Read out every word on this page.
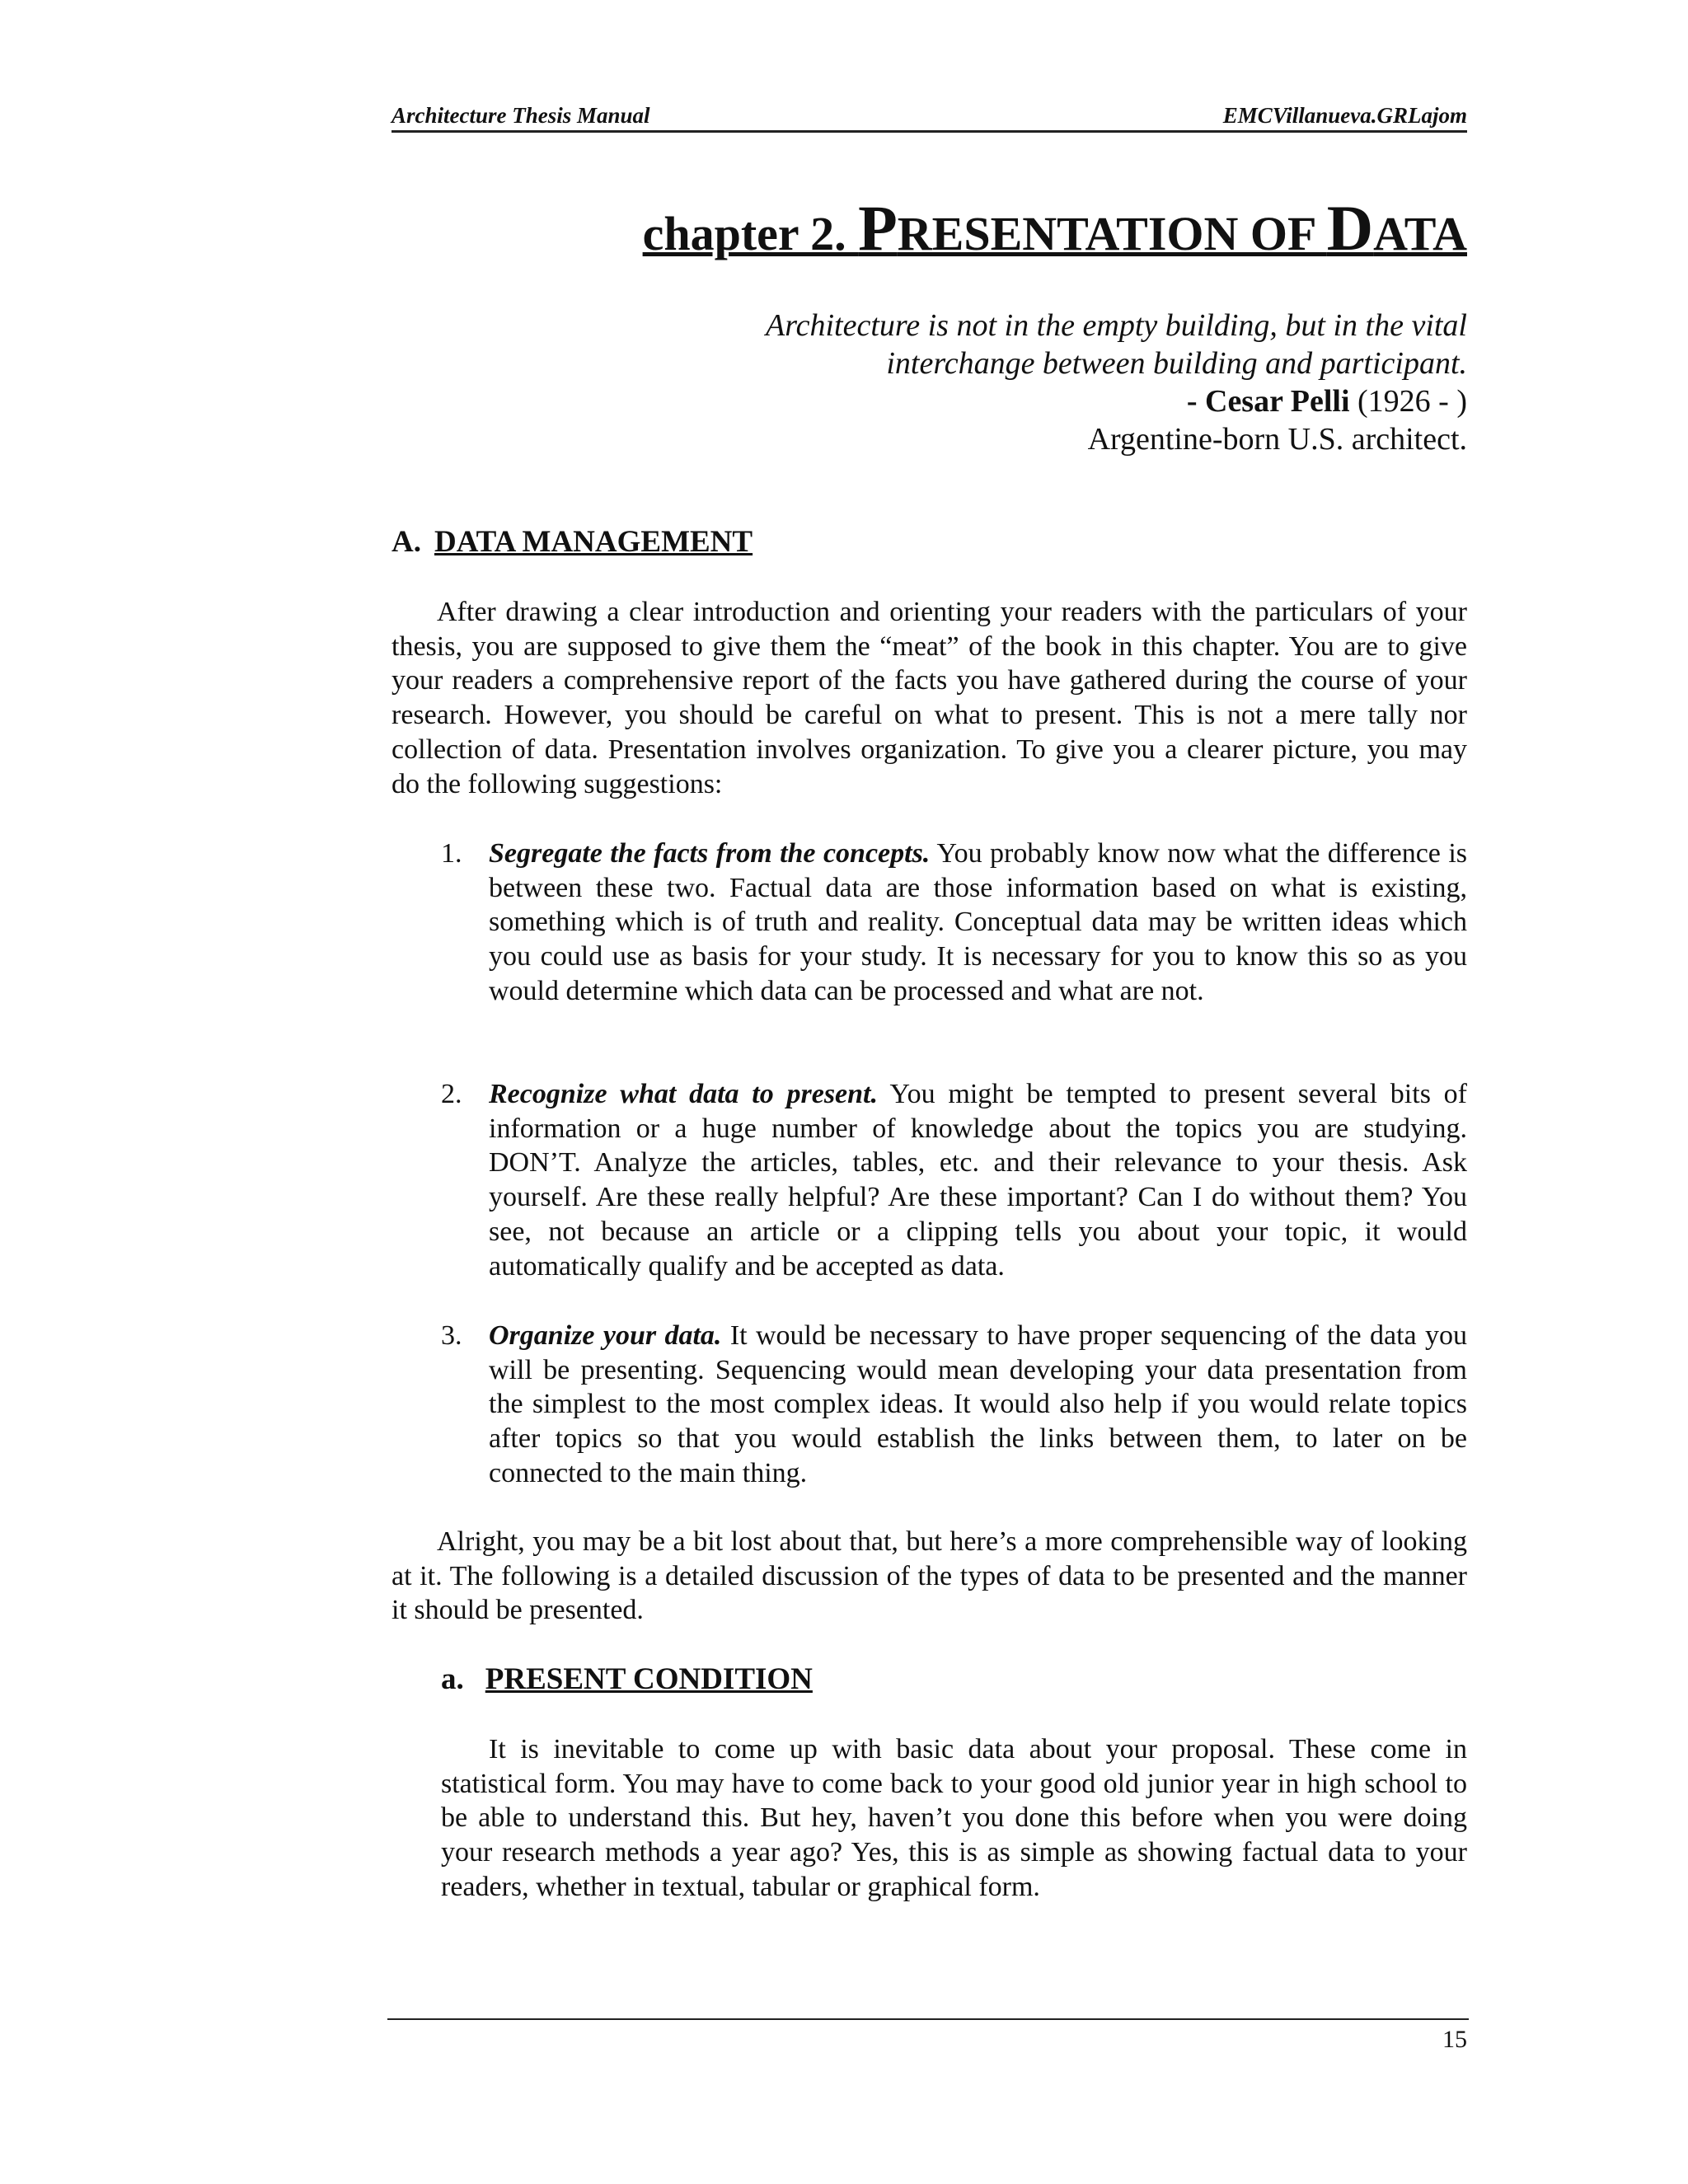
Architecture Thesis Manual	EMCVillanueva.GRLajom
chapter 2. PRESENTATION OF DATA
Architecture is not in the empty building, but in the vital
interchange between building and participant.
- Cesar Pelli (1926 - )
Argentine-born U.S. architect.
A. DATA MANAGEMENT
After drawing a clear introduction and orienting your readers with the particulars of your thesis, you are supposed to give them the “meat” of the book in this chapter. You are to give your readers a comprehensive report of the facts you have gathered during the course of your research. However, you should be careful on what to present. This is not a mere tally nor collection of data. Presentation involves organization. To give you a clearer picture, you may do the following suggestions:
1. Segregate the facts from the concepts. You probably know now what the difference is between these two. Factual data are those information based on what is existing, something which is of truth and reality. Conceptual data may be written ideas which you could use as basis for your study. It is necessary for you to know this so as you would determine which data can be processed and what are not.
2. Recognize what data to present. You might be tempted to present several bits of information or a huge number of knowledge about the topics you are studying. DON’T. Analyze the articles, tables, etc. and their relevance to your thesis. Ask yourself. Are these really helpful? Are these important? Can I do without them? You see, not because an article or a clipping tells you about your topic, it would automatically qualify and be accepted as data.
3. Organize your data. It would be necessary to have proper sequencing of the data you will be presenting. Sequencing would mean developing your data presentation from the simplest to the most complex ideas. It would also help if you would relate topics after topics so that you would establish the links between them, to later on be connected to the main thing.
Alright, you may be a bit lost about that, but here’s a more comprehensible way of looking at it. The following is a detailed discussion of the types of data to be presented and the manner it should be presented.
a. PRESENT CONDITION
It is inevitable to come up with basic data about your proposal. These come in statistical form. You may have to come back to your good old junior year in high school to be able to understand this. But hey, haven’t you done this before when you were doing your research methods a year ago? Yes, this is as simple as showing factual data to your readers, whether in textual, tabular or graphical form.
15
